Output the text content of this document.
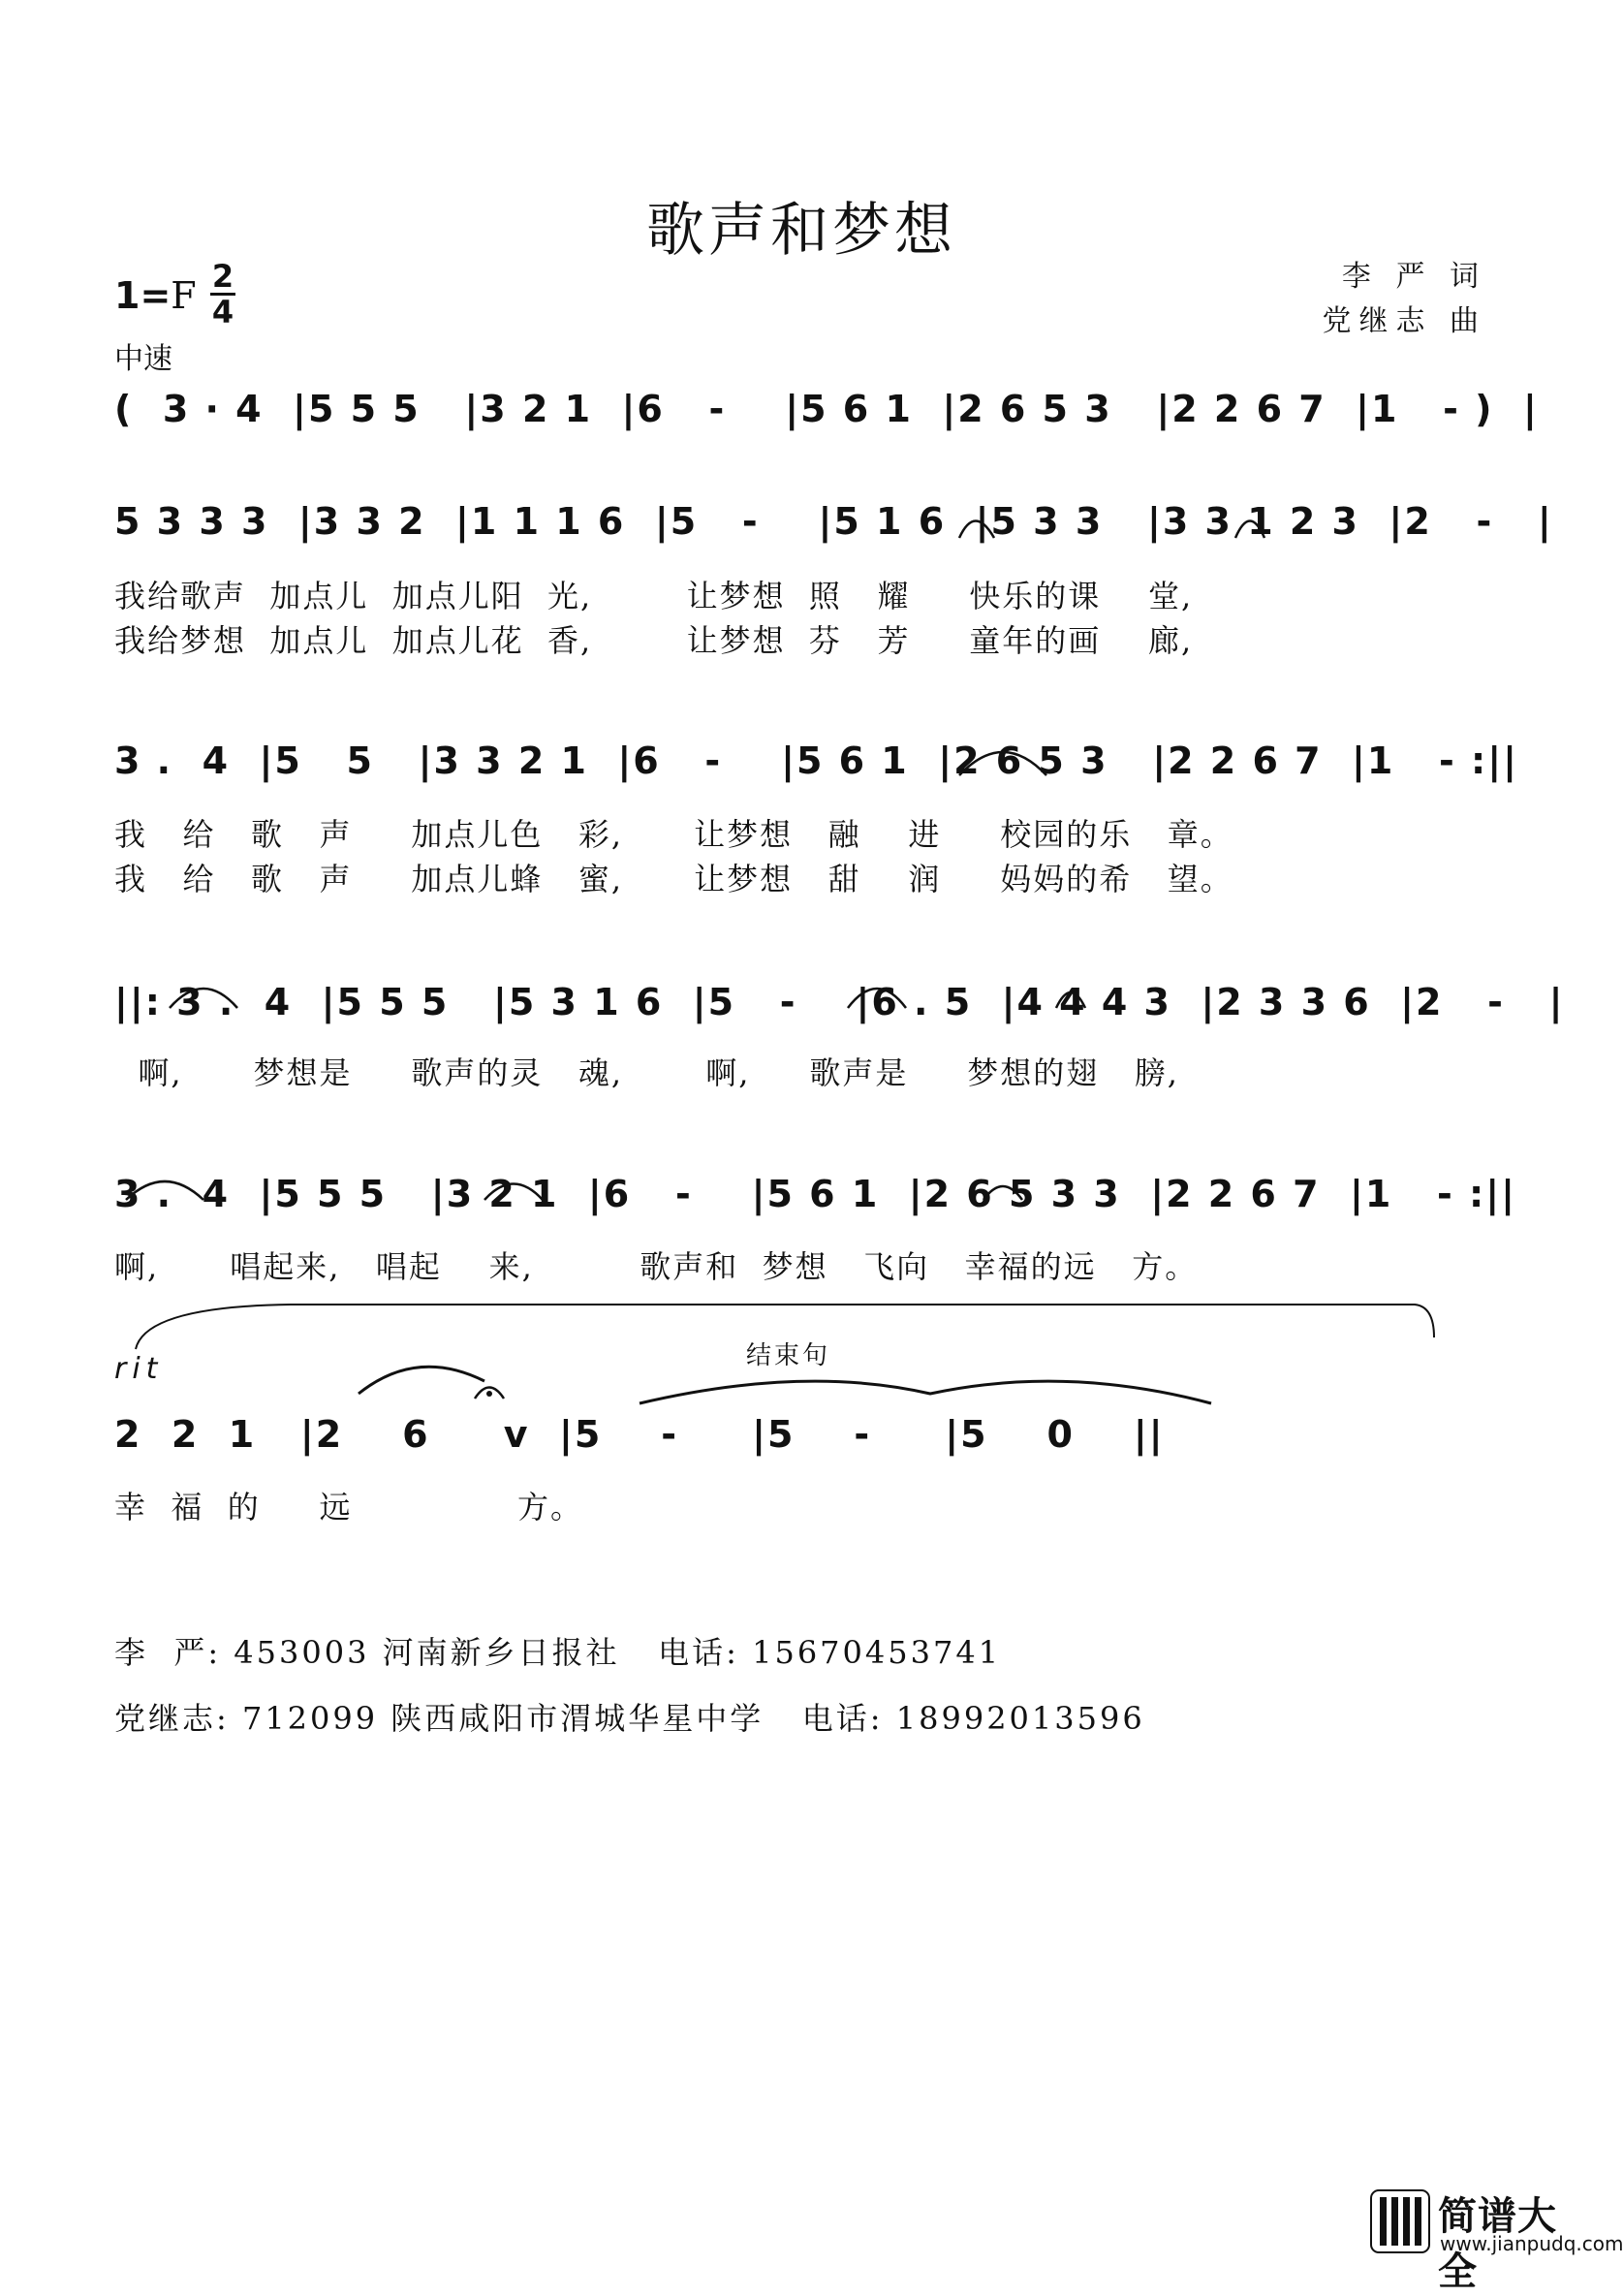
歌声和梦想
李 严 词
党继志 曲
1=F 2
4
中速
(  3 · 4  |5 5 5   |3 2 1  |6   -    |5 6 1  |2 6 5 3   |2 2 6 7  |1   - )  |
5 3 3 3  |3 3 2  |1 1 1 6  |5   -    |5 1 6  |5 3 3   |3 3 1 2 3  |2   -   |
我给歌声  加点儿  加点儿阳  光,        让梦想  照   耀     快乐的课    堂,
我给梦想  加点儿  加点儿花  香,        让梦想  芬   芳     童年的画    廊,
3 .  4  |5   5   |3 3 2 1  |6   -    |5 6 1  |2 6 5 3   |2 2 6 7  |1   - :||
我   给   歌   声     加点儿色   彩,      让梦想   融    进     校园的乐   章。
我   给   歌   声     加点儿蜂   蜜,      让梦想   甜    润     妈妈的希   望。
||: 3 .  4  |5 5 5   |5 3 1 6  |5   -    |6 . 5  |4 4 4 3  |2 3 3 6  |2   -   |
啊,      梦想是     歌声的灵   魂,       啊,     歌声是     梦想的翅   膀,
3 .  4  |5 5 5   |3 2 1  |6   -    |5 6 1  |2 6 5 3 3  |2 2 6 7  |1   - :||
啊,      唱起来,   唱起    来,         歌声和  梦想   飞向   幸福的远   方。
rit	结束句
2  2  1   |2    6     v  |5    -     |5    -     |5    0    ||
幸  福  的     远              方。
李  严: 453003 河南新乡日报社   电话: 15670453741
党继志: 712099 陕西咸阳市渭城华星中学   电话: 18992013596
简谱大全
www.jianpudq.com
